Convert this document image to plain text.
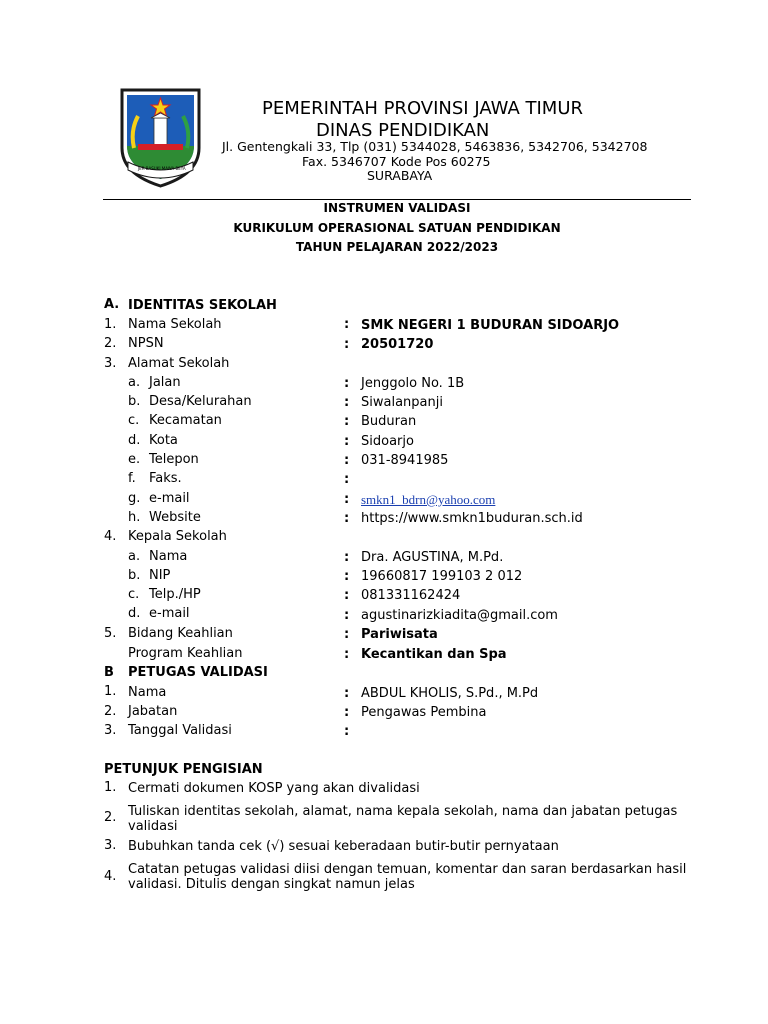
JER BASUKI MAWA BEYA
PEMERINTAH PROVINSI JAWA TIMUR
DINAS PENDIDIKAN
Jl. Gentengkali 33, Tlp (031) 5344028, 5463836, 5342706, 5342708
Fax. 5346707 Kode Pos 60275
SURABAYA
INSTRUMEN VALIDASI
KURIKULUM OPERASIONAL SATUAN PENDIDIKAN
TAHUN PELAJARAN 2022/2023
A. IDENTITAS SEKOLAH
1. Nama Sekolah	: SMK NEGERI 1 BUDURAN SIDOARJO
2. NPSN	: 20501720
3. Alamat Sekolah
a. Jalan	: Jenggolo No. 1B
b. Desa/Kelurahan	: Siwalanpanji
c. Kecamatan	: Buduran
d. Kota	: Sidoarjo
e. Telepon	: 031-8941985
f. Faks.	:
g. e-mail	: smkn1_bdrn@yahoo.com
h. Website	: https://www.smkn1buduran.sch.id
4. Kepala Sekolah
a. Nama	: Dra. AGUSTINA, M.Pd.
b. NIP	: 19660817 199103 2 012
c. Telp./HP	: 081331162424
d. e-mail	: agustinarizkiadita@gmail.com
5. Bidang Keahlian	: Pariwisata
Program Keahlian	: Kecantikan dan Spa
B PETUGAS VALIDASI
1. Nama	: ABDUL KHOLIS, S.Pd., M.Pd
2. Jabatan	: Pengawas Pembina
3. Tanggal Validasi	:
PETUNJUK PENGISIAN
1. Cermati dokumen KOSP yang akan divalidasi
2. Tuliskan identitas sekolah, alamat, nama kepala sekolah, nama dan jabatan petugas
validasi
3. Bubuhkan tanda cek (√) sesuai keberadaan butir-butir pernyataan
4. Catatan petugas validasi diisi dengan temuan, komentar dan saran berdasarkan hasil
validasi. Ditulis dengan singkat namun jelas
